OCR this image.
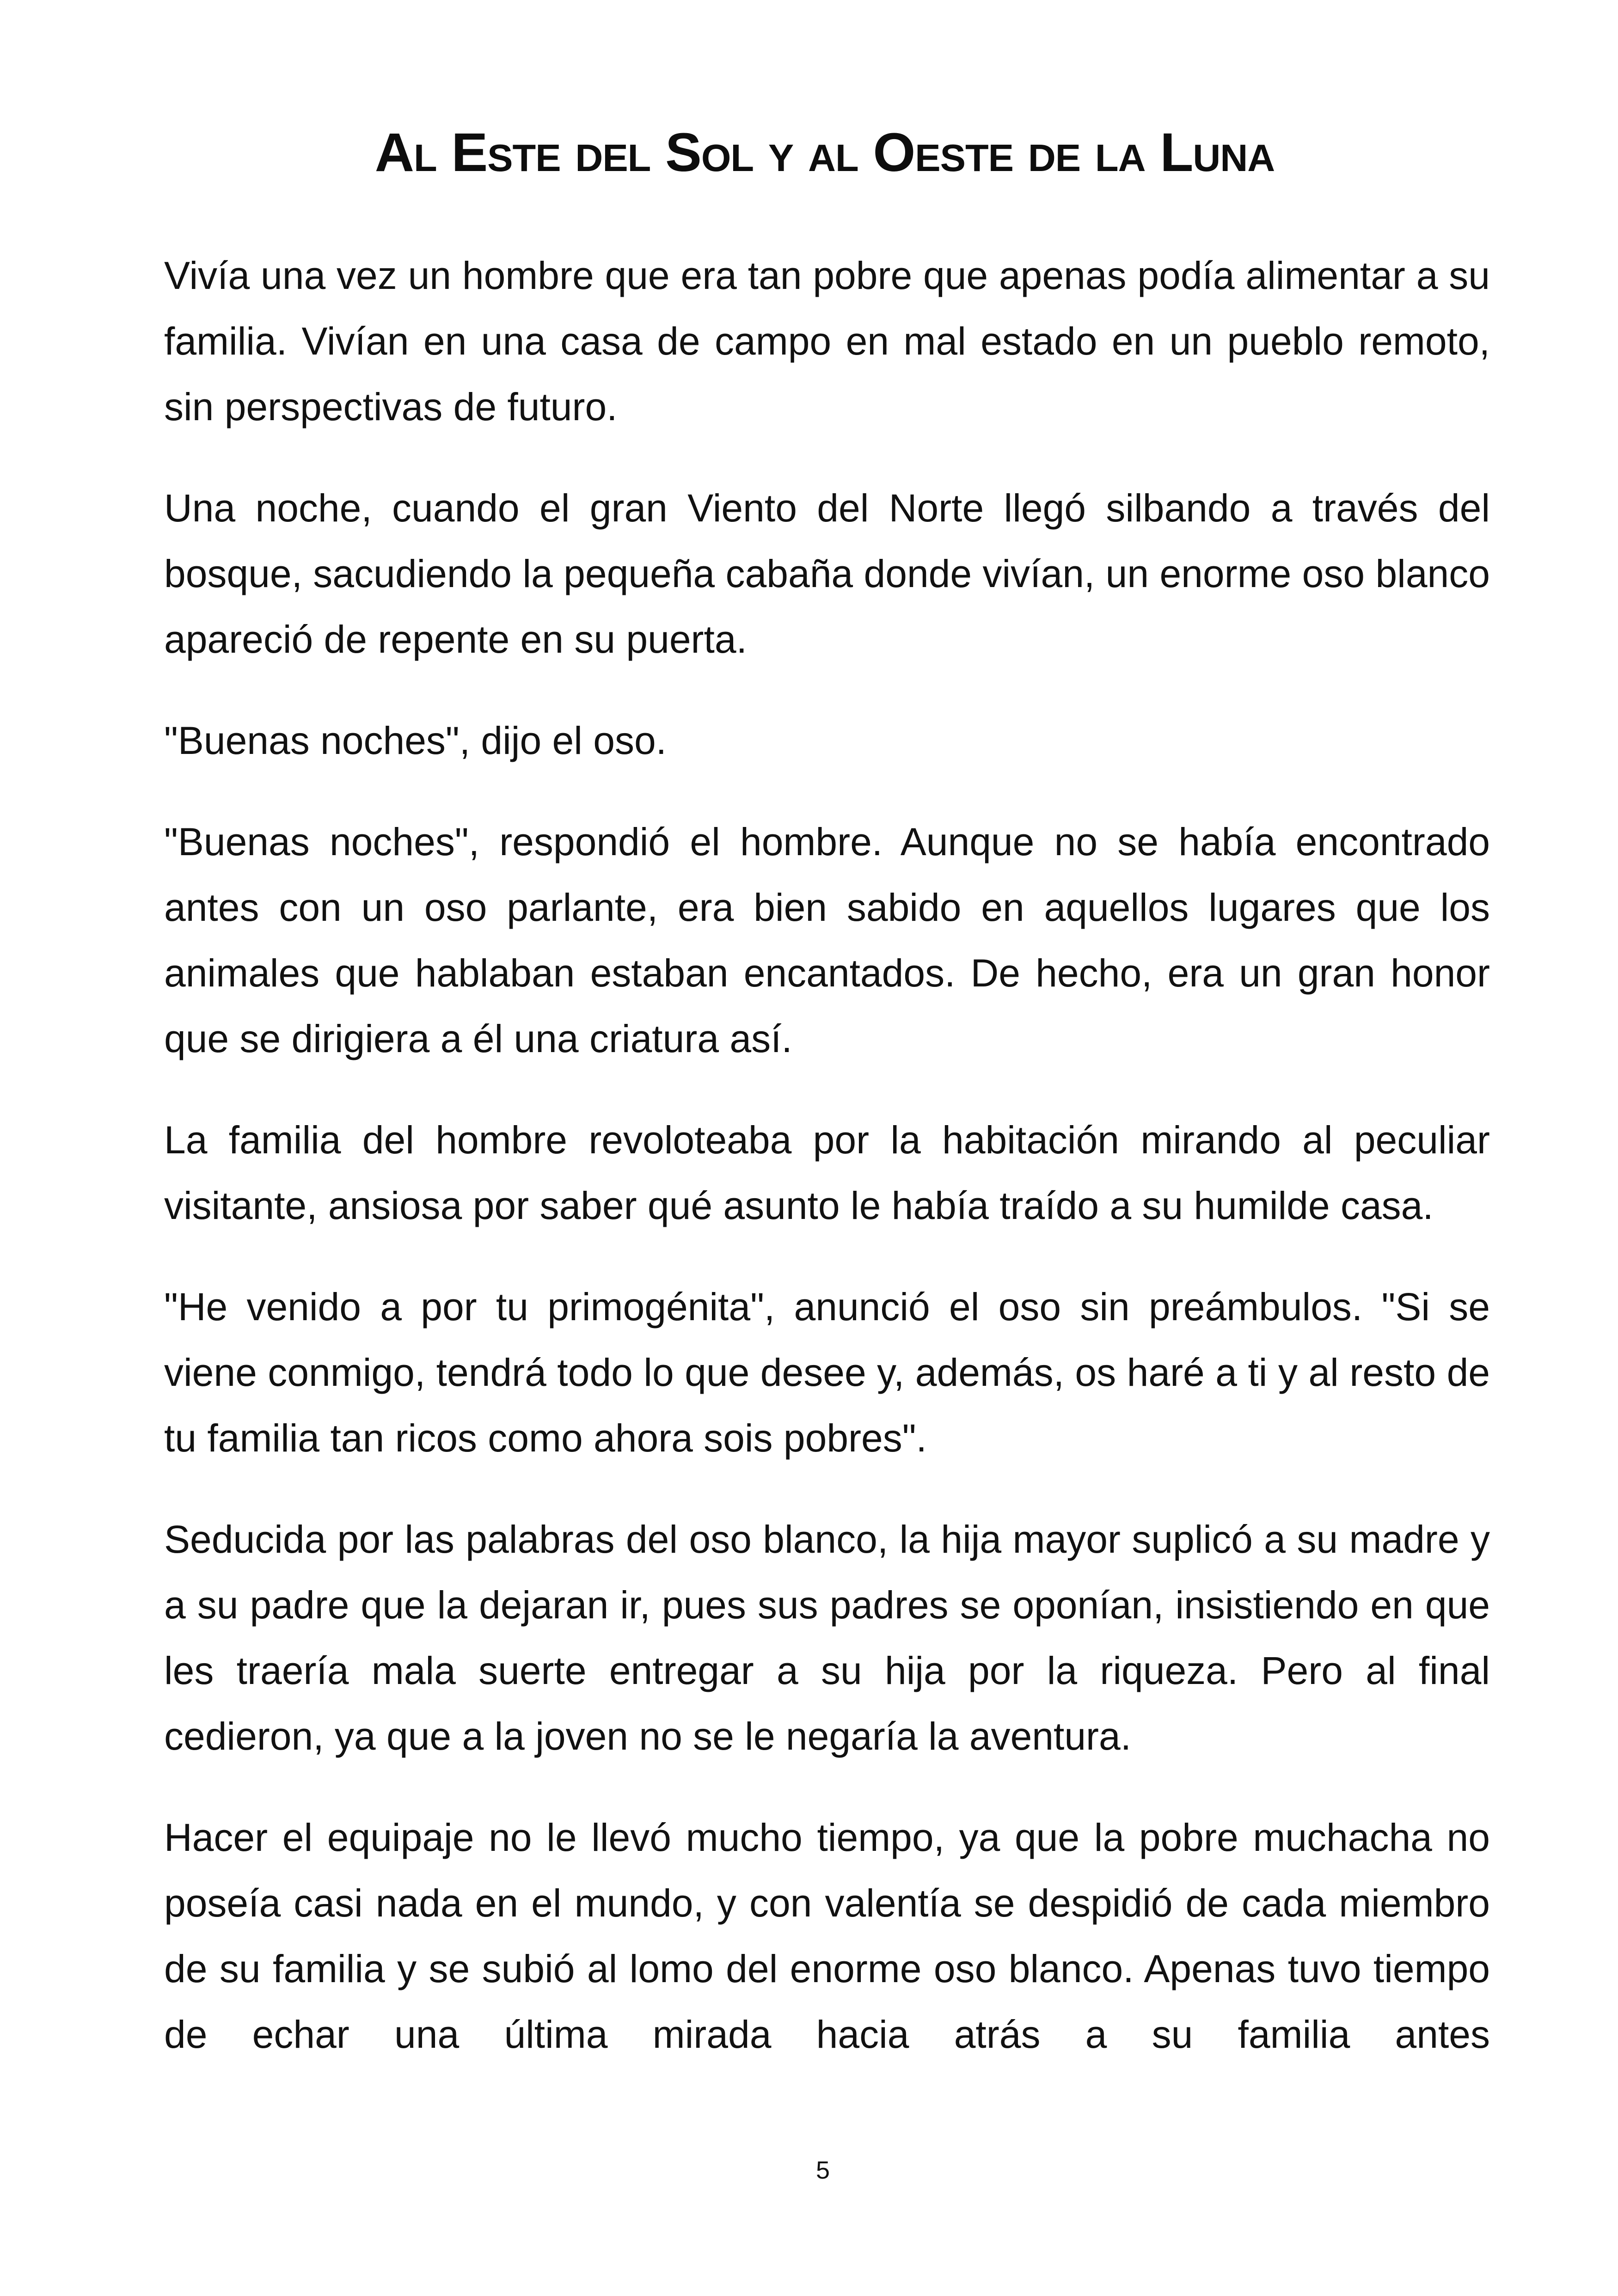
Al Este del Sol y al Oeste de la Luna

Vivía una vez un hombre que era tan pobre que apenas podía alimentar a su familia. Vivían en una casa de campo en mal estado en un pueblo remoto, sin perspectivas de futuro.

Una noche, cuando el gran Viento del Norte llegó silbando a través del bosque, sacudiendo la pequeña cabaña donde vivían, un enorme oso blanco apareció de repente en su puerta.

"Buenas noches", dijo el oso.

"Buenas noches", respondió el hombre. Aunque no se había encontrado antes con un oso parlante, era bien sabido en aquellos lugares que los animales que hablaban estaban encantados. De hecho, era un gran honor que se dirigiera a él una criatura así.

La familia del hombre revoloteaba por la habitación mirando al peculiar visitante, ansiosa por saber qué asunto le había traído a su humilde casa.

"He venido a por tu primogénita", anunció el oso sin preámbulos. "Si se viene conmigo, tendrá todo lo que desee y, además, os haré a ti y al resto de tu familia tan ricos como ahora sois pobres".

Seducida por las palabras del oso blanco, la hija mayor suplicó a su madre y a su padre que la dejaran ir, pues sus padres se oponían, insistiendo en que les traería mala suerte entregar a su hija por la riqueza. Pero al final cedieron, ya que a la joven no se le negaría la aventura.

Hacer el equipaje no le llevó mucho tiempo, ya que la pobre muchacha no poseía casi nada en el mundo, y con valentía se despidió de cada miembro de su familia y se subió al lomo del enorme oso blanco. Apenas tuvo tiempo de echar una última mirada hacia atrás a su familia antes

5
